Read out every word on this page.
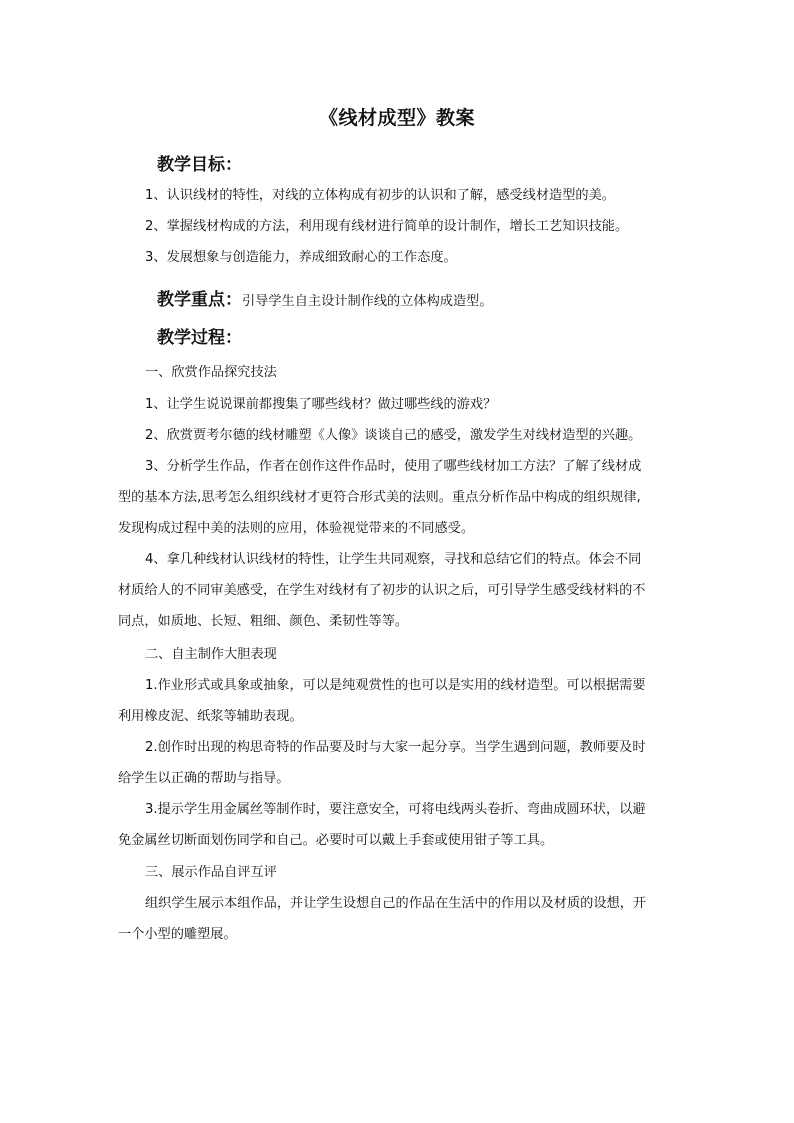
《线材成型》教案
教学目标：
1、认识线材的特性，对线的立体构成有初步的认识和了解，感受线材造型的美。
2、掌握线材构成的方法，利用现有线材进行简单的设计制作，增长工艺知识技能。
3、发展想象与创造能力，养成细致耐心的工作态度。
教学重点：引导学生自主设计制作线的立体构成造型。
教学过程：
一、欣赏作品探究技法
1、让学生说说课前都搜集了哪些线材？做过哪些线的游戏？
2、欣赏贾考尔德的线材雕塑《人像》谈谈自己的感受，激发学生对线材造型的兴趣。
3、分析学生作品，作者在创作这件作品时，使用了哪些线材加工方法？了解了线材成
型的基本方法,思考怎么组织线材才更符合形式美的法则。重点分析作品中构成的组织规律,
发现构成过程中美的法则的应用，体验视觉带来的不同感受。
4、拿几种线材认识线材的特性，让学生共同观察，寻找和总结它们的特点。体会不同
材质给人的不同审美感受，在学生对线材有了初步的认识之后，可引导学生感受线材料的不
同点，如质地、长短、粗细、颜色、柔韧性等等。
二、自主制作大胆表现
1.作业形式或具象或抽象，可以是纯观赏性的也可以是实用的线材造型。可以根据需要
利用橡皮泥、纸浆等辅助表现。
2.创作时出现的构思奇特的作品要及时与大家一起分享。当学生遇到问题，教师要及时
给学生以正确的帮助与指导。
3.提示学生用金属丝等制作时，要注意安全，可将电线两头卷折、弯曲成圆环状，以避
免金属丝切断面划伤同学和自己。必要时可以戴上手套或使用钳子等工具。
三、展示作品自评互评
组织学生展示本组作品，并让学生设想自己的作品在生活中的作用以及材质的设想，开
一个小型的雕塑展。
